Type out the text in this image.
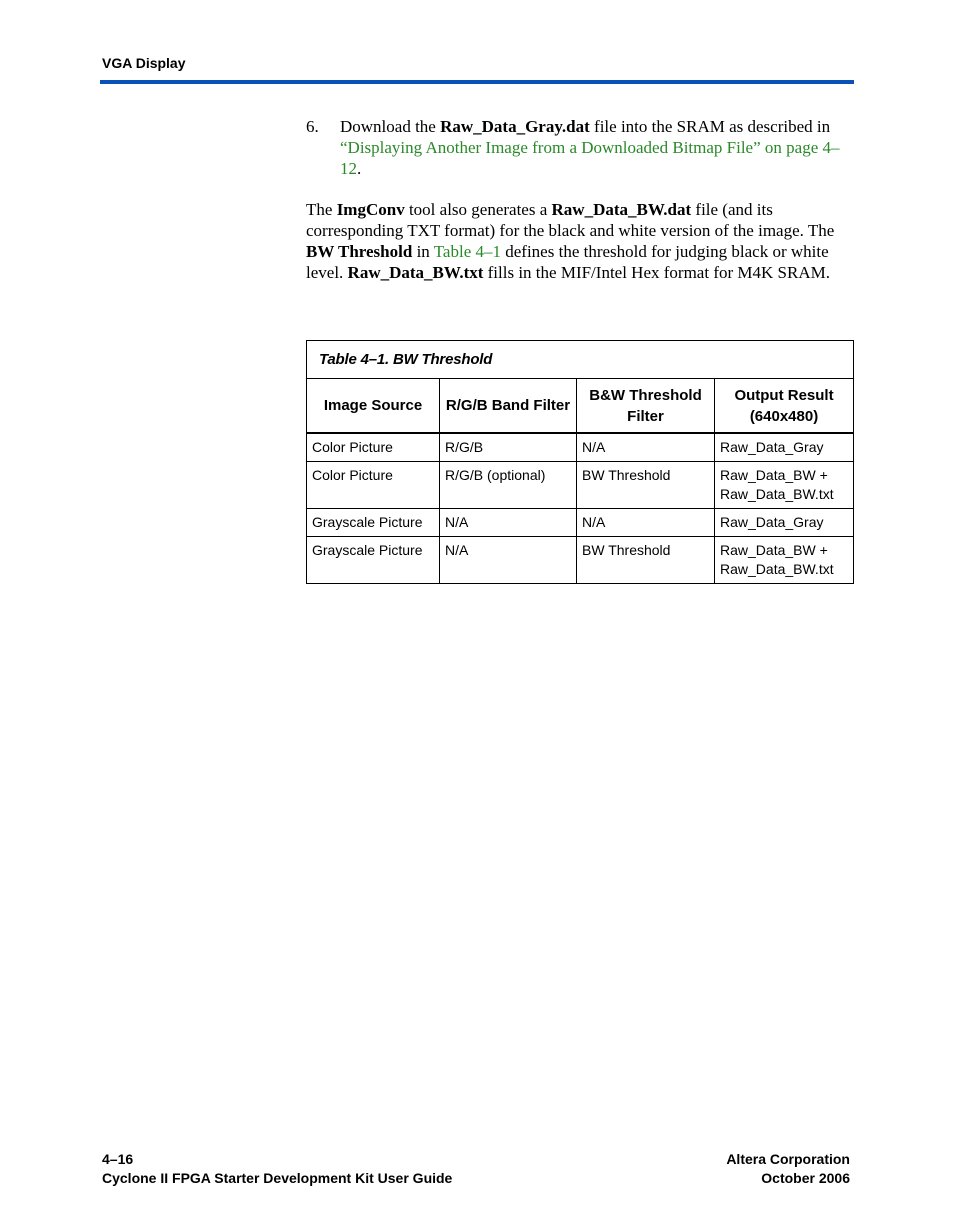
VGA Display
6. Download the Raw_Data_Gray.dat file into the SRAM as described in “Displaying Another Image from a Downloaded Bitmap File” on page 4–12.
The ImgConv tool also generates a Raw_Data_BW.dat file (and its corresponding TXT format) for the black and white version of the image. The BW Threshold in Table 4–1 defines the threshold for judging black or white level. Raw_Data_BW.txt fills in the MIF/Intel Hex format for M4K SRAM.
Table 4–1. BW Threshold			
Image Source	R/G/B Band Filter	B&W Threshold Filter	Output Result (640x480)
Color Picture	R/G/B	N/A	Raw_Data_Gray

Color Picture	R/G/B (optional)	BW Threshold	Raw_Data_BW +
Raw_Data_BW.txt

Grayscale Picture	N/A	N/A	Raw_Data_Gray

Grayscale Picture	N/A	BW Threshold	Raw_Data_BW +
Raw_Data_BW.txt
4–16
Cyclone II FPGA Starter Development Kit User Guide
Altera Corporation
October 2006
